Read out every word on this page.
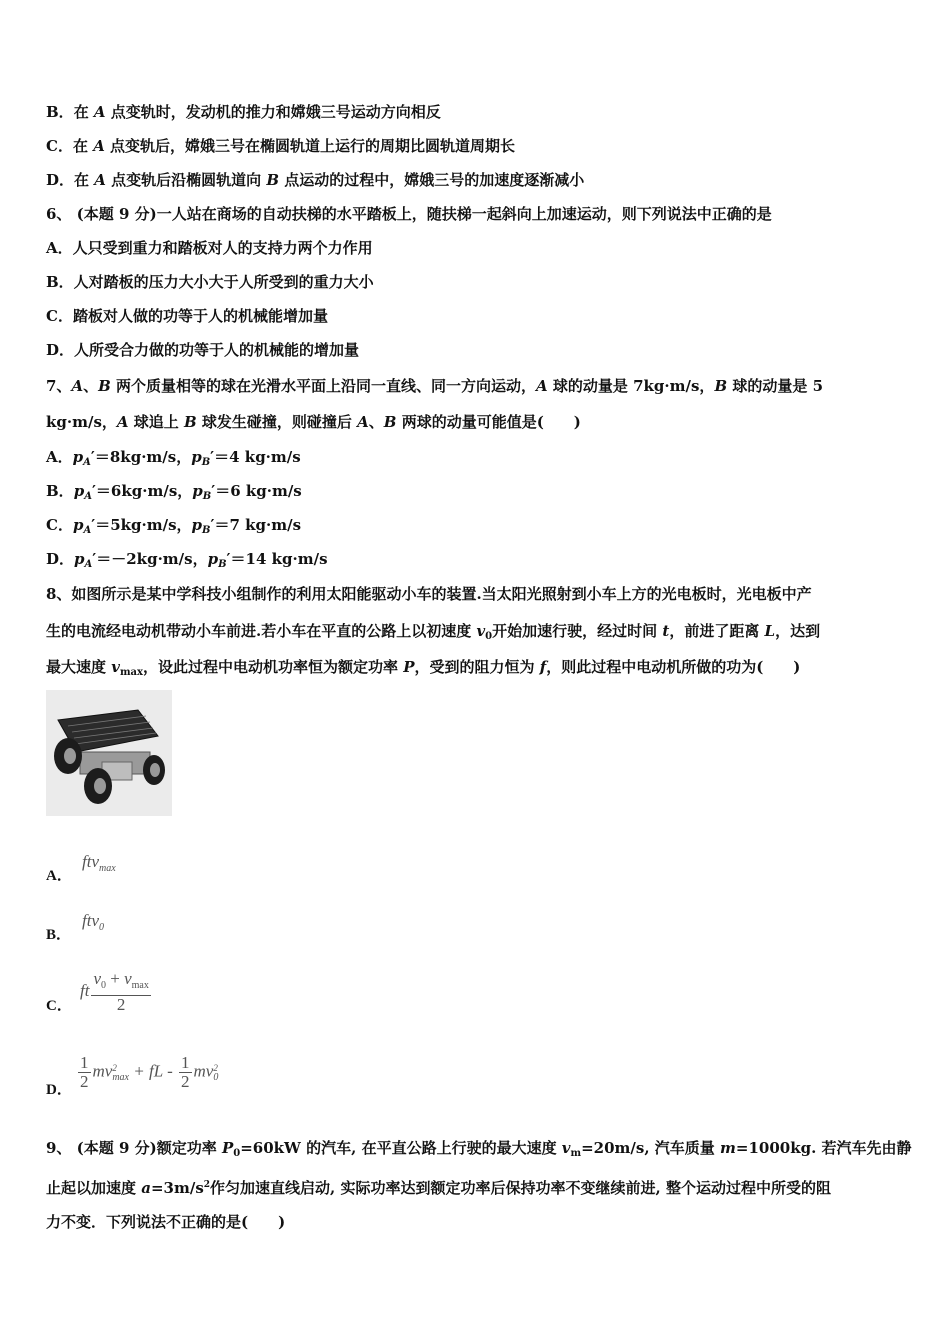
B．在 A 点变轨时，发动机的推力和嫦娥三号运动方向相反
C．在 A 点变轨后，嫦娥三号在椭圆轨道上运行的周期比圆轨道周期长
D．在 A 点变轨后沿椭圆轨道向 B 点运动的过程中，嫦娥三号的加速度逐渐减小
6、 (本题 9 分)一人站在商场的自动扶梯的水平踏板上，随扶梯一起斜向上加速运动，则下列说法中正确的是
A．人只受到重力和踏板对人的支持力两个力作用
B．人对踏板的压力大小大于人所受到的重力大小
C．踏板对人做的功等于人的机械能增加量
D．人所受合力做的功等于人的机械能的增加量
7、A、B 两个质量相等的球在光滑水平面上沿同一直线、同一方向运动，A 球的动量是 7kg·m/s，B 球的动量是 5
kg·m/s，A 球追上 B 球发生碰撞，则碰撞后 A、B 两球的动量可能值是(　　)
A．$p_A'=8kg\cdot m/s$，$p_B'=4$ kg·m/s
B．$p_A'=6kg\cdot m/s$，$p_B'=6$ kg·m/s
C．$p_A'=5kg\cdot m/s$，$p_B'=7$ kg·m/s
D．$p_A'=-2kg\cdot m/s$，$p_B'=14$ kg·m/s
8、如图所示是某中学科技小组制作的利用太阳能驱动小车的装置.当太阳光照射到小车上方的光电板时，光电板中产
生的电流经电动机带动小车前进.若小车在平直的公路上以初速度 $v_0$开始加速行驶，经过时间 t，前进了距离 L，达到
最大速度 $v_{max}$，设此过程中电动机功率恒为额定功率 P，受到的阻力恒为 f，则此过程中电动机所做的功为(　　)
A．
ftv$_{max}$
B．
ftv$_0$
C．
ft $\frac{v_0 + v_{max}}{2}$
D． $\frac{1}{2}$ mv 2
max + fL - $\frac{1}{2}$ mv 2
0
9、 (本题 9 分)额定功率 $P_0=60kW$ 的汽车, 在平直公路上行驶的最大速度 $v_m=20m/s$, 汽车质量 m=1000kg. 若汽车先由静
止起以加速度 $a=3m/s^2$作匀加速直线启动, 实际功率达到额定功率后保持功率不变继续前进, 整个运动过程中所受的阻
力不变．下列说法不正确的是(　　)
